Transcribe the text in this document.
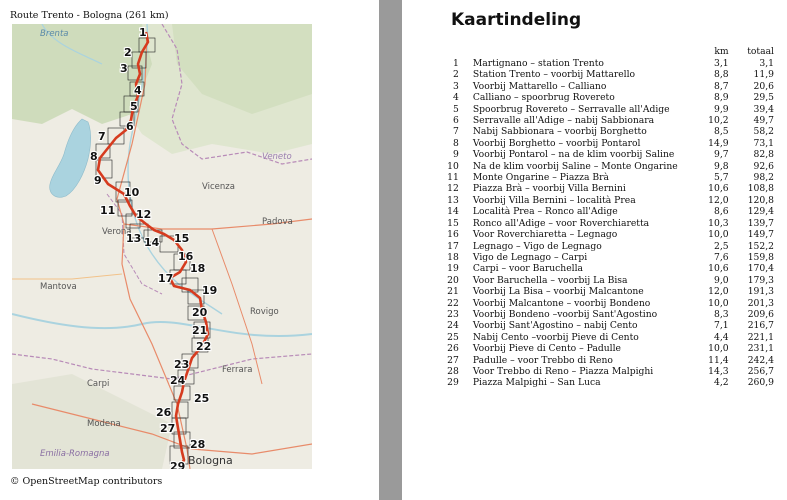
Route Trento - Bologna (261 km)
Brenta
Veneto
Vicenza
Padova
Mantova
Verona
Rovigo
Carpi
Ferrara
Modena
Emilia-Romagna	Bologna
1
2
3
4
5
6
7
8
9
10
11 12
13 14 15
16
17
18
19
20
21
22
23
24
25
26
27
28
29
© OpenStreetMap contributors
Kaartindeling
		km	totaal
1	Martignano – station Trento	3,1	3,1
2	Station Trento – voorbij Mattarello	8,8	11,9
3	Voorbij Mattarello – Calliano	8,7	20,6
4	Calliano – spoorbrug Rovereto	8,9	29,5
5	Spoorbrug Rovereto – Serravalle all'Adige	9,9	39,4
6	Serravalle all'Adige – nabij Sabbionara	10,2	49,7
7	Nabij Sabbionara – voorbij Borghetto	8,5	58,2
8	Voorbij Borghetto – voorbij Pontarol	14,9	73,1
9	Voorbij Pontarol – na de klim voorbij Saline	9,7	82,8
10	Na de klim voorbij Saline – Monte Ongarine	9,8	92,6
11	Monte Ongarine – Piazza Brà	5,7	98,2
12	Piazza Brà – voorbij Villa Bernini	10,6	108,8
13	Voorbij Villa Bernini – località Prea	12,0	120,8
14	Località Prea – Ronco all'Adige	8,6	129,4
15	Ronco all'Adige – voor Roverchiaretta	10,3	139,7
16	Voor Roverchiaretta – Legnago	10,0	149,7
17	Legnago – Vigo de Legnago	2,5	152,2
18	Vigo de Legnago – Carpi	7,6	159,8
19	Carpi – voor Baruchella	10,6	170,4
20	Voor Baruchella – voorbij La Bisa	9,0	179,3
21	Voorbij La Bisa – voorbij Malcantone	12,0	191,3
22	Voorbij Malcantone – voorbij Bondeno	10,0	201,3
23	Voorbij Bondeno –voorbij Sant'Agostino	8,3	209,6
24	Voorbij Sant'Agostino – nabij Cento	7,1	216,7
25	Nabij Cento –voorbij Pieve di Cento	4,4	221,1
26	Voorbij Pieve di Cento – Padulle	10,0	231,1
27	Padulle – voor Trebbo di Reno	11,4	242,4
28	Voor Trebbo di Reno – Piazza Malpighi	14,3	256,7
29	Piazza Malpighi – San Luca	4,2	260,9
